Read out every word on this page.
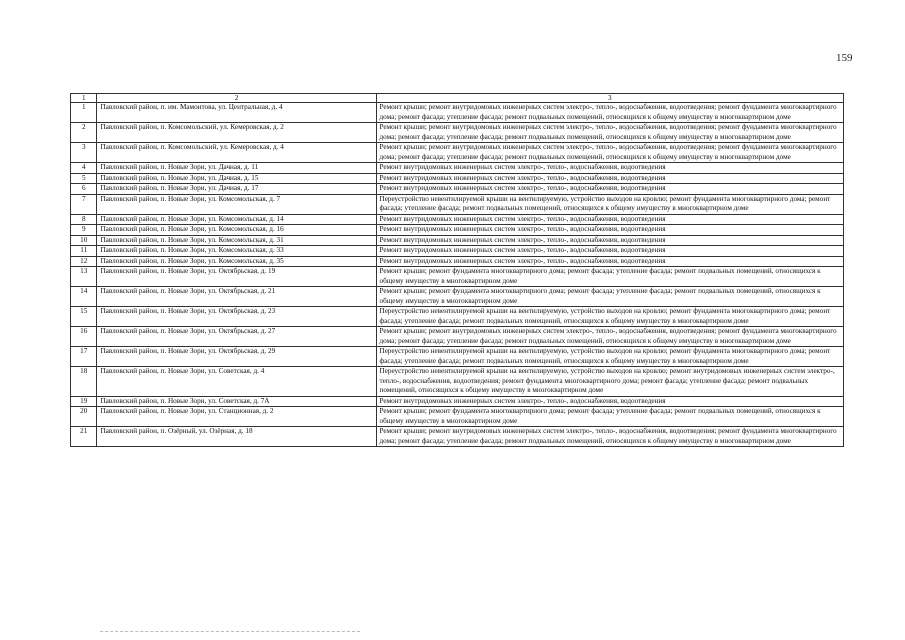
159
1	2	3
1	Павловский район, п. им. Мамонтова, ул. Центральная, д. 4	Ремонт крыши; ремонт внутридомовых инженерных систем электро-, тепло-, водоснабжения, водоотведения; ремонт фундамента многоквартирного дома; ремонт фасада; утепление фасада; ремонт подвальных помещений, относящихся к общему имуществу в многоквартирном доме
2	Павловский район, п. Комсомольский, ул. Кемеровская, д. 2	Ремонт крыши; ремонт внутридомовых инженерных систем электро-, тепло-, водоснабжения, водоотведения; ремонт фундамента многоквартирного дома; ремонт фасада; утепление фасада; ремонт подвальных помещений, относящихся к общему имуществу в многоквартирном доме
3	Павловский район, п. Комсомольский, ул. Кемеровская, д. 4	Ремонт крыши; ремонт внутридомовых инженерных систем электро-, тепло-, водоснабжения, водоотведения; ремонт фундамента многоквартирного дома; ремонт фасада; утепление фасада; ремонт подвальных помещений, относящихся к общему имуществу в многоквартирном доме
4	Павловский район, п. Новые Зори, ул. Дачная, д. 11	Ремонт внутридомовых инженерных систем электро-, тепло-, водоснабжения, водоотведения
5	Павловский район, п. Новые Зори, ул. Дачная, д. 15	Ремонт внутридомовых инженерных систем электро-, тепло-, водоснабжения, водоотведения
6	Павловский район, п. Новые Зори, ул. Дачная, д. 17	Ремонт внутридомовых инженерных систем электро-, тепло-, водоснабжения, водоотведения
7	Павловский район, п. Новые Зори, ул. Комсомольская, д. 7	Переустройство невентилируемой крыши на вентилируемую, устройство выходов на кровлю; ремонт фундамента многоквартирного дома; ремонт фасада; утепление фасада; ремонт подвальных помещений, относящихся к общему имуществу в многоквартирном доме
8	Павловский район, п. Новые Зори, ул. Комсомольская, д. 14	Ремонт внутридомовых инженерных систем электро-, тепло-, водоснабжения, водоотведения
9	Павловский район, п. Новые Зори, ул. Комсомольская, д. 16	Ремонт внутридомовых инженерных систем электро-, тепло-, водоснабжения, водоотведения
10	Павловский район, п. Новые Зори, ул. Комсомольская, д. 31	Ремонт внутридомовых инженерных систем электро-, тепло-, водоснабжения, водоотведения
11	Павловский район, п. Новые Зори, ул. Комсомольская, д. 33	Ремонт внутридомовых инженерных систем электро-, тепло-, водоснабжения, водоотведения
12	Павловский район, п. Новые Зори, ул. Комсомольская, д. 35	Ремонт внутридомовых инженерных систем электро-, тепло-, водоснабжения, водоотведения
13	Павловский район, п. Новые Зори, ул. Октябрьская, д. 19	Ремонт крыши; ремонт фундамента многоквартирного дома; ремонт фасада; утепление фасада; ремонт подвальных помещений, относящихся к общему имуществу в многоквартирном доме
14	Павловский район, п. Новые Зори, ул. Октябрьская, д. 21	Ремонт крыши; ремонт фундамента многоквартирного дома; ремонт фасада; утепление фасада; ремонт подвальных помещений, относящихся к общему имуществу в многоквартирном доме
15	Павловский район, п. Новые Зори, ул. Октябрьская, д. 23	Переустройство невентилируемой крыши на вентилируемую, устройство выходов на кровлю; ремонт фундамента многоквартирного дома; ремонт фасада; утепление фасада; ремонт подвальных помещений, относящихся к общему имуществу в многоквартирном доме
16	Павловский район, п. Новые Зори, ул. Октябрьская, д. 27	Ремонт крыши; ремонт внутридомовых инженерных систем электро-, тепло-, водоснабжения, водоотведения; ремонт фундамента многоквартирного дома; ремонт фасада; утепление фасада; ремонт подвальных помещений, относящихся к общему имуществу в многоквартирном доме
17	Павловский район, п. Новые Зори, ул. Октябрьская, д. 29	Переустройство невентилируемой крыши на вентилируемую, устройство выходов на кровлю; ремонт фундамента многоквартирного дома; ремонт фасада; утепление фасада; ремонт подвальных помещений, относящихся к общему имуществу в многоквартирном доме
18	Павловский район, п. Новые Зори, ул. Советская, д. 4	Переустройство невентилируемой крыши на вентилируемую, устройство выходов на кровлю; ремонт внутридомовых инженерных систем электро-, тепло-, водоснабжения, водоотведения; ремонт фундамента многоквартирного дома; ремонт фасада; утепление фасада; ремонт подвальных помещений, относящихся к общему имуществу в многоквартирном доме
19	Павловский район, п. Новые Зори, ул. Советская, д. 7А	Ремонт внутридомовых инженерных систем электро-, тепло-, водоснабжения, водоотведения
20	Павловский район, п. Новые Зори, ул. Станционная, д. 2	Ремонт крыши; ремонт фундамента многоквартирного дома; ремонт фасада; утепление фасада; ремонт подвальных помещений, относящихся к общему имуществу в многоквартирном доме
21	Павловский район, п. Озёрный, ул. Озёрная, д. 18	Ремонт крыши; ремонт внутридомовых инженерных систем электро-, тепло-, водоснабжения, водоотведения; ремонт фундамента многоквартирного дома; ремонт фасада; утепление фасада; ремонт подвальных помещений, относящихся к общему имуществу в многоквартирном доме
